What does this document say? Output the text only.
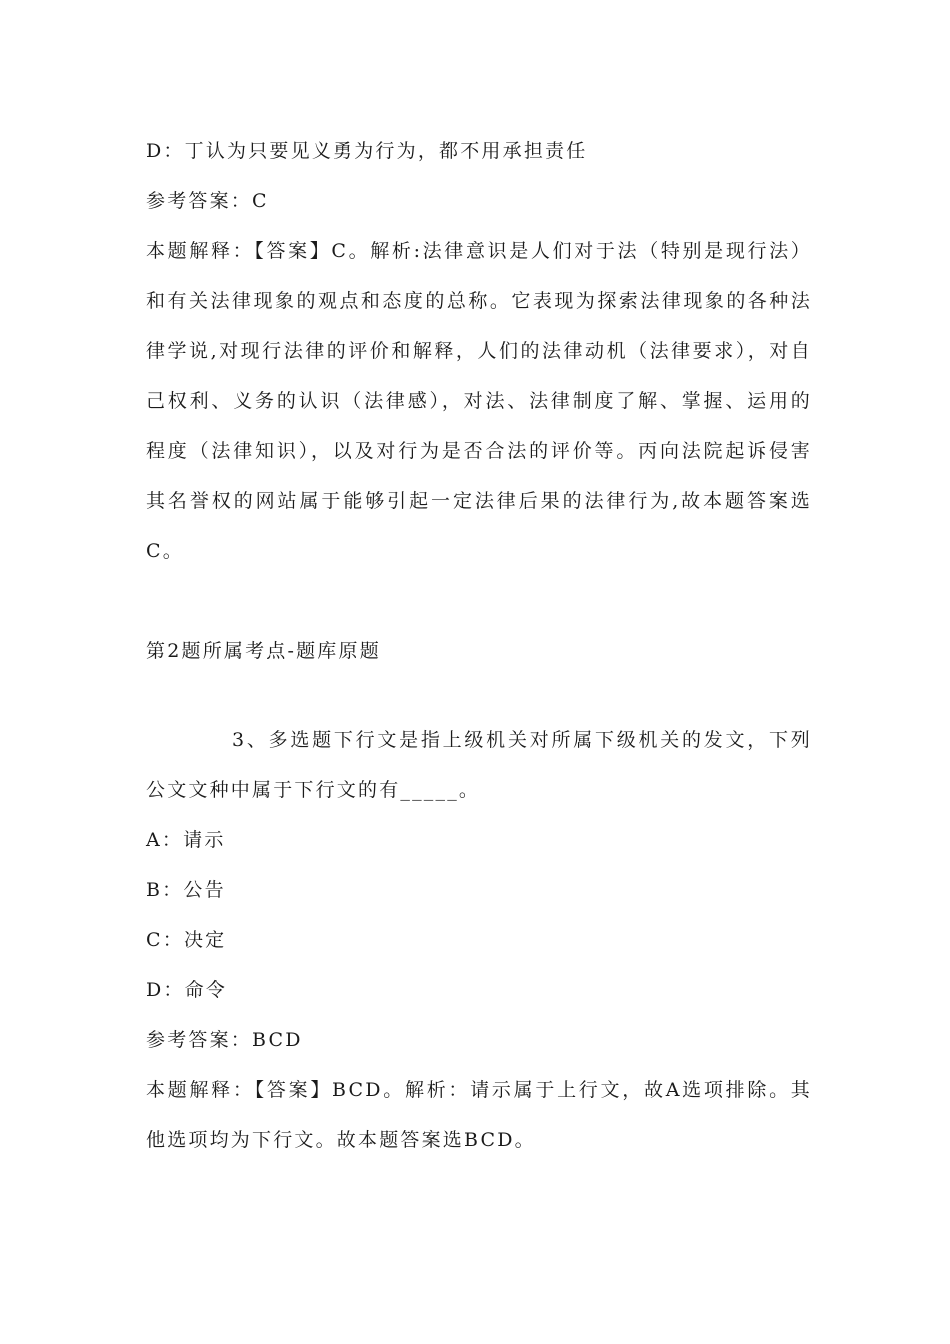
D：丁认为只要见义勇为行为，都不用承担责任
参考答案：C
本题解释：【答案】C。解析:法律意识是人们对于法（特别是现行法）和有关法律现象的观点和态度的总称。它表现为探索法律现象的各种法律学说,对现行法律的评价和解释，人们的法律动机（法律要求），对自己权利、义务的认识（法律感），对法、法律制度了解、掌握、运用的程度（法律知识），以及对行为是否合法的评价等。丙向法院起诉侵害其名誉权的网站属于能够引起一定法律后果的法律行为,故本题答案选C。
第2题所属考点-题库原题
3、多选题下行文是指上级机关对所属下级机关的发文，下列公文文种中属于下行文的有_____。
A：请示
B：公告
C：决定
D：命令
参考答案：BCD
本题解释：【答案】BCD。解析：请示属于上行文，故A选项排除。其他选项均为下行文。故本题答案选BCD。
